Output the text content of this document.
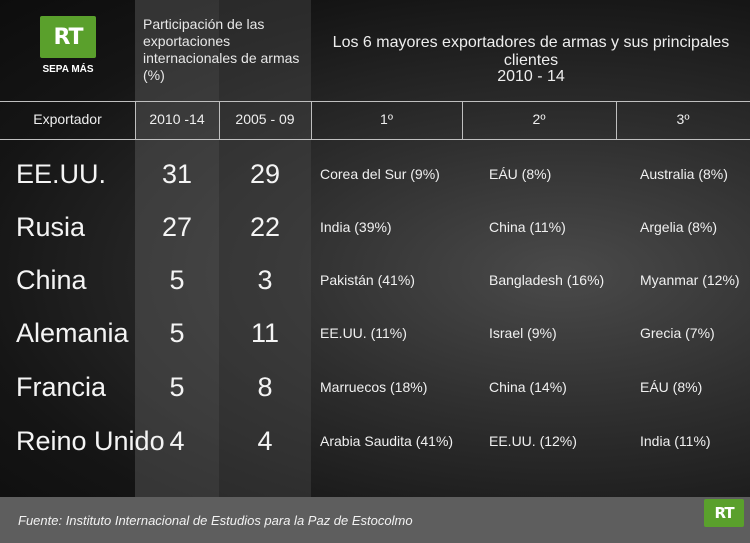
RT
SEPA MÁS
Participación de las exportaciones internacionales de armas (%)
Los 6 mayores exportadores de armas y sus principales clientes
2010 - 14
Exportador	2010 -14	2005 - 09	1º	2º	3º
EE.UU.	31	29	Corea del Sur (9%)	EÁU (8%)	Australia (8%)
Rusia	27	22	India (39%)	China (11%)	Argelia (8%)
China	5	3	Pakistán (41%)	Bangladesh (16%)	Myanmar (12%)
Alemania	5	11	EE.UU. (11%)	Israel (9%)	Grecia (7%)
Francia	5	8	Marruecos (18%)	China (14%)	EÁU (8%)
Reino Unido 4	4	Arabia Saudita (41%)	EE.UU. (12%)	India (11%)
Fuente: Instituto Internacional de Estudios para la Paz de Estocolmo	RT
